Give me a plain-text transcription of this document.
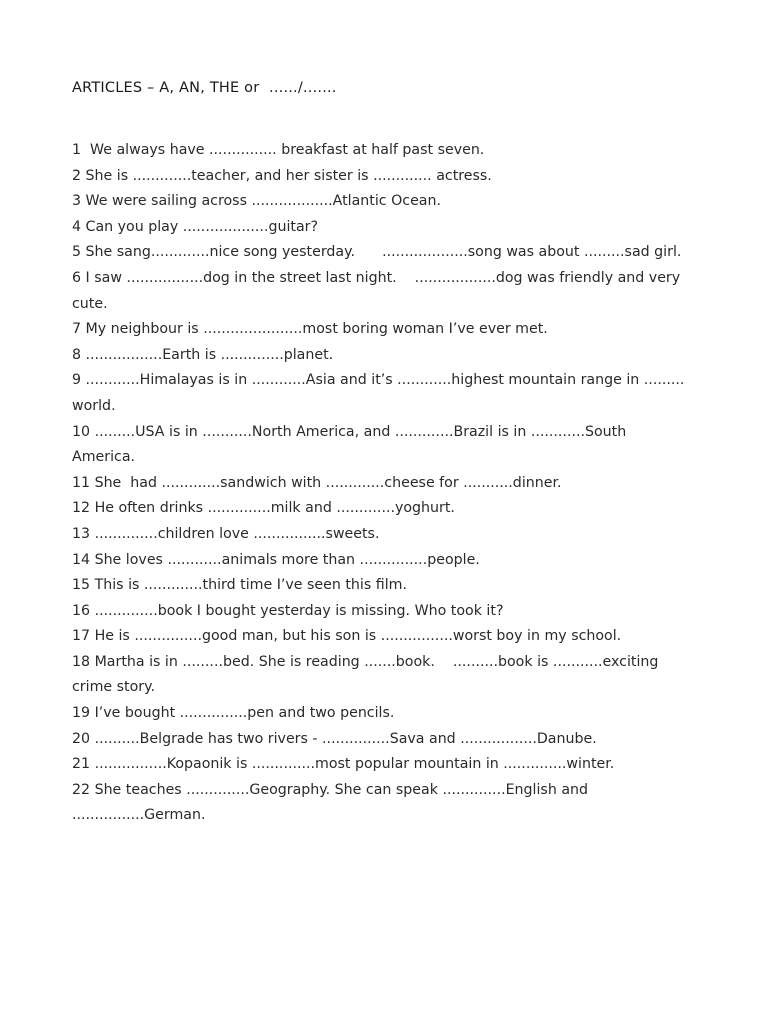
ARTICLES – A, AN, THE or  ....../.......
1  We always have ............... breakfast at half past seven.
2 She is .............teacher, and her sister is ............. actress.
3 We were sailing across ..................Atlantic Ocean.
4 Can you play ...................guitar?
5 She sang.............nice song yesterday.      ...................song was about .........sad girl.
6 I saw .................dog in the street last night.    ..................dog was friendly and very
cute.
7 My neighbour is ......................most boring woman I’ve ever met.
8 .................Earth is ..............planet.
9 ............Himalayas is in ............Asia and it’s ............highest mountain range in .........
world.
10 .........USA is in ...........North America, and .............Brazil is in ............South
America.
11 She  had .............sandwich with .............cheese for ...........dinner.
12 He often drinks ..............milk and .............yoghurt.
13 ..............children love ................sweets.
14 She loves ............animals more than ...............people.
15 This is .............third time I’ve seen this film.
16 ..............book I bought yesterday is missing. Who took it?
17 He is ...............good man, but his son is ................worst boy in my school.
18 Martha is in .........bed. She is reading .......book.    ..........book is ...........exciting
crime story.
19 I’ve bought ...............pen and two pencils.
20 ..........Belgrade has two rivers - ...............Sava and .................Danube.
21 ................Kopaonik is ..............most popular mountain in ..............winter.
22 She teaches ..............Geography. She can speak ..............English and
................German.
